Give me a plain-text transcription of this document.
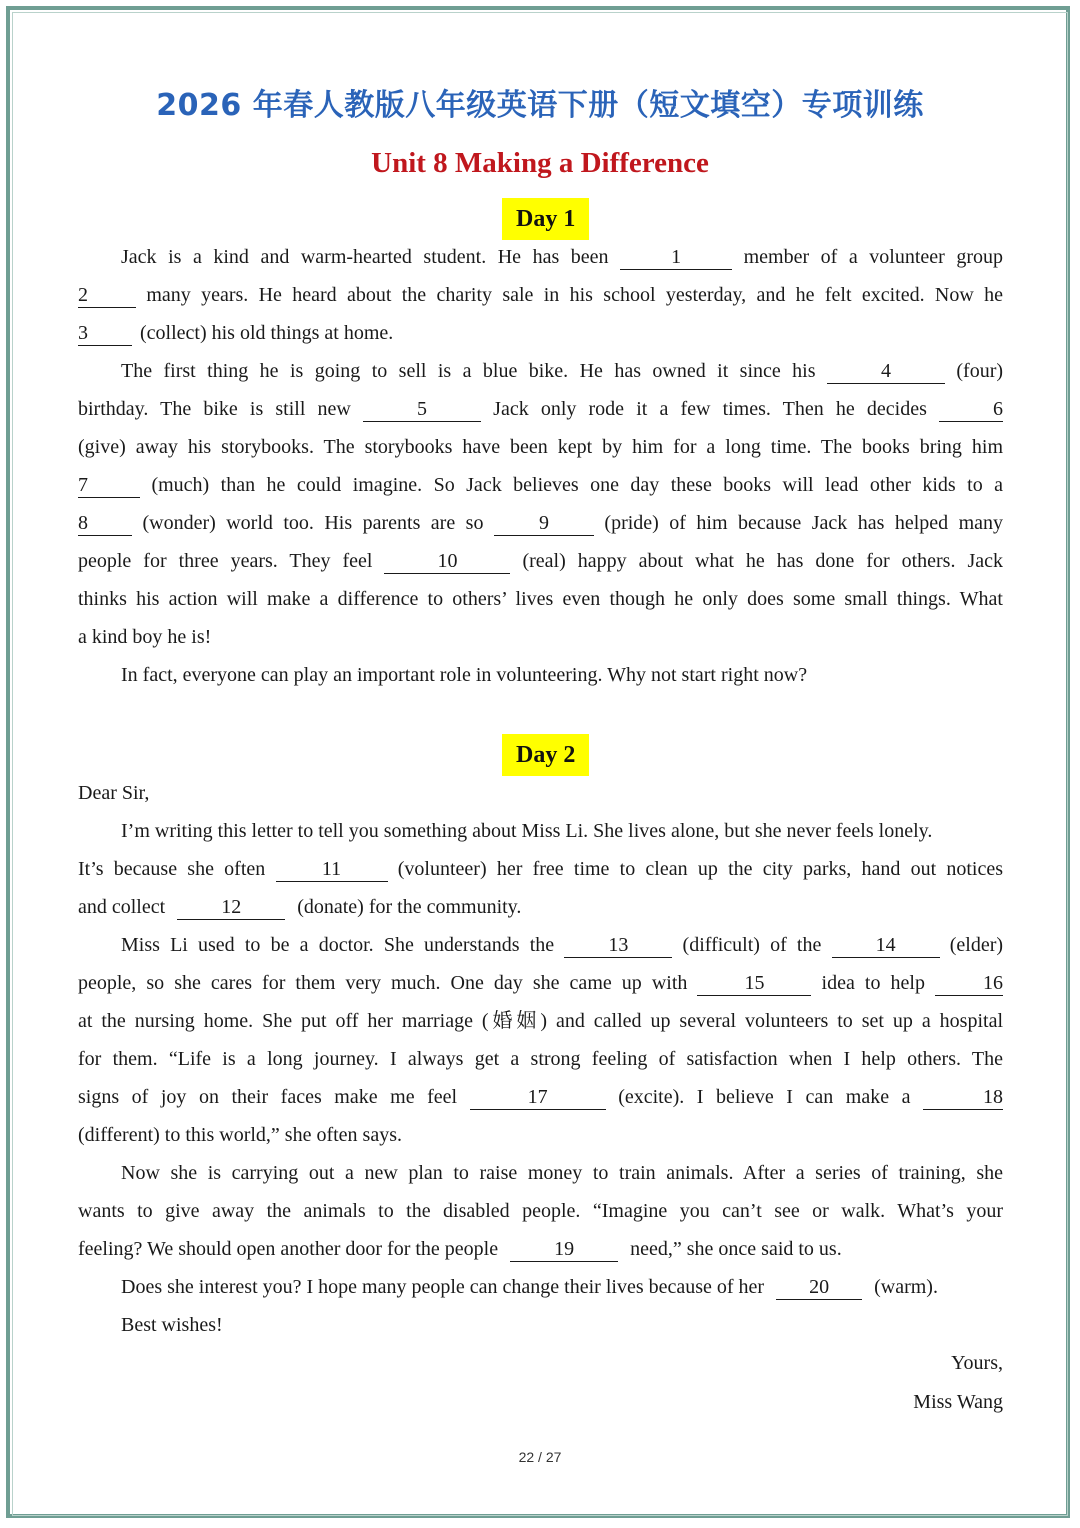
2026 年春人教版八年级英语下册（短文填空）专项训练
Unit 8 Making a Difference
Day 1
Jack is a kind and warm-hearted student. He has been	1	member of a volunteer group
2	many years. He heard about the charity sale in his school yesterday, and he felt excited. Now he
3	(collect) his old things at home.
The first thing he is going to sell is a blue bike. He has owned it since his	4	(four)
birthday. The bike is still new	5	Jack only rode it a few times. Then he decides	6
(give) away his storybooks. The storybooks have been kept by him for a long time. The books bring him
7	(much) than he could imagine. So Jack believes one day these books will lead other kids to a
8	(wonder) world too. His parents are so	9	(pride) of him because Jack has helped many
people for three years. They feel	10	(real) happy about what he has done for others. Jack
thinks his action will make a difference to others’ lives even though he only does some small things. What
a kind boy he is!
In fact, everyone can play an important role in volunteering. Why not start right now?
Day 2
Dear Sir,
I’m writing this letter to tell you something about Miss Li. She lives alone, but she never feels lonely.
It’s because she often	11	(volunteer) her free time to clean up the city parks, hand out notices
and collect	12	(donate) for the community.
Miss Li used to be a doctor. She understands the	13	(difficult) of the	14	(elder)
people, so she cares for them very much. One day she came up with	15	idea to help	16
at the nursing home. She put off her marriage (婚姻) and called up several volunteers to set up a hospital
for them. “Life is a long journey. I always get a strong feeling of satisfaction when I help others. The
signs of joy on their faces make me feel	17	(excite). I believe I can make a	18
(different) to this world,” she often says.
Now she is carrying out a new plan to raise money to train animals. After a series of training, she
wants to give away the animals to the disabled people. “Imagine you can’t see or walk. What’s your
feeling? We should open another door for the people	19	need,” she once said to us.
Does she interest you? I hope many people can change their lives because of her 20 (warm).
Best wishes!
Yours,
Miss Wang
22 / 27
